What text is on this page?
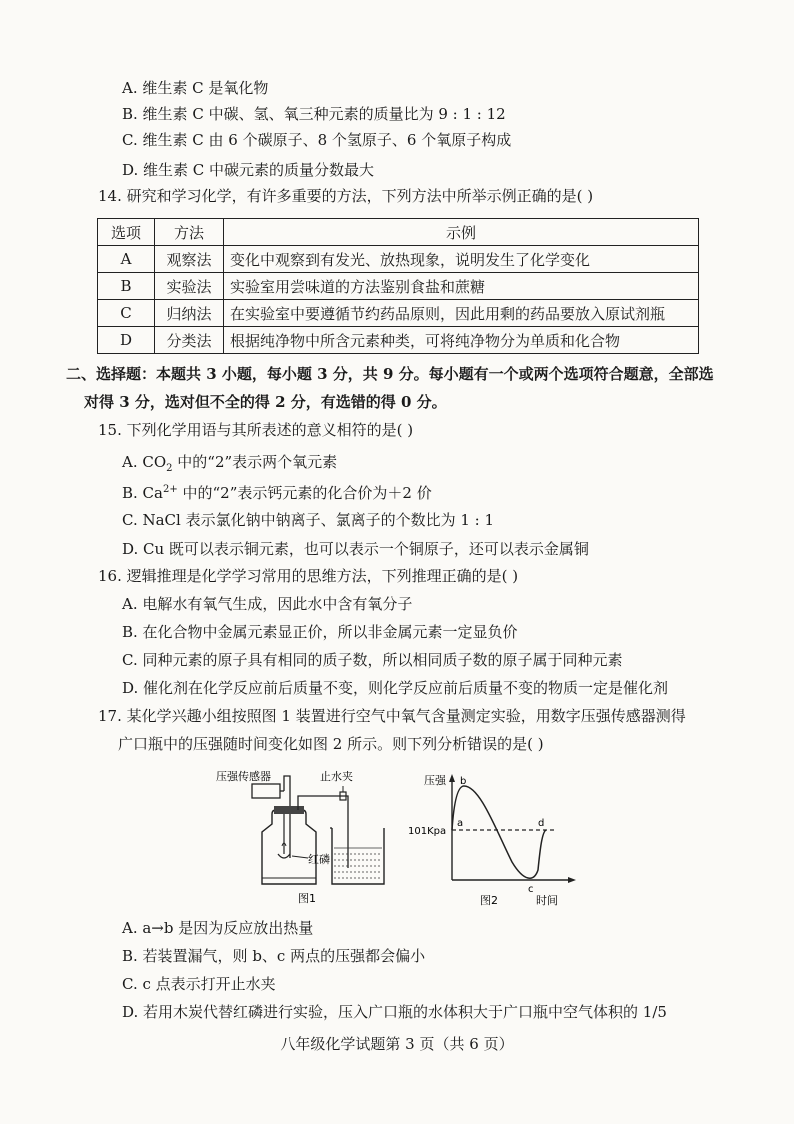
A. 维生素 C 是氧化物
B. 维生素 C 中碳、氢、氧三种元素的质量比为 9 : 1 : 12
C. 维生素 C 由 6 个碳原子、8 个氢原子、6 个氧原子构成
D. 维生素 C 中碳元素的质量分数最大
14. 研究和学习化学，有许多重要的方法，下列方法中所举示例正确的是( )
选项	方法	示例
A	观察法	变化中观察到有发光、放热现象，说明发生了化学变化
B	实验法	实验室用尝味道的方法鉴别食盐和蔗糖
C	归纳法	在实验室中要遵循节约药品原则，因此用剩的药品要放入原试剂瓶
D	分类法	根据纯净物中所含元素种类，可将纯净物分为单质和化合物
二、选择题：本题共 3 小题，每小题 3 分，共 9 分。每小题有一个或两个选项符合题意，全部选
对得 3 分，选对但不全的得 2 分，有选错的得 0 分。
15. 下列化学用语与其所表述的意义相符的是( )
A. $CO_2$ 中的“2”表示两个氧元素
B. $Ca^{2+}$ 中的“2”表示钙元素的化合价为＋2 价
C. NaCl 表示氯化钠中钠离子、氯离子的个数比为 1 : 1
D. Cu 既可以表示铜元素，也可以表示一个铜原子，还可以表示金属铜
16. 逻辑推理是化学学习常用的思维方法，下列推理正确的是( )
A. 电解水有氧气生成，因此水中含有氧分子
B. 在化合物中金属元素显正价，所以非金属元素一定显负价
C. 同种元素的原子具有相同的质子数，所以相同质子数的原子属于同种元素
D. 催化剂在化学反应前后质量不变，则化学反应前后质量不变的物质一定是催化剂
17. 某化学兴趣小组按照图 1 装置进行空气中氧气含量测定实验，用数字压强传感器测得
广口瓶中的压强随时间变化如图 2 所示。则下列分析错误的是( )
红磷
压强传感器	止水夹
图1
压强
101Kpa
a
b
c
d
时间
图2
A. a→b 是因为反应放出热量
B. 若装置漏气，则 b、c 两点的压强都会偏小
C. c 点表示打开止水夹
D. 若用木炭代替红磷进行实验，压入广口瓶的水体积大于广口瓶中空气体积的 1/5
八年级化学试题第 3 页（共 6 页）
